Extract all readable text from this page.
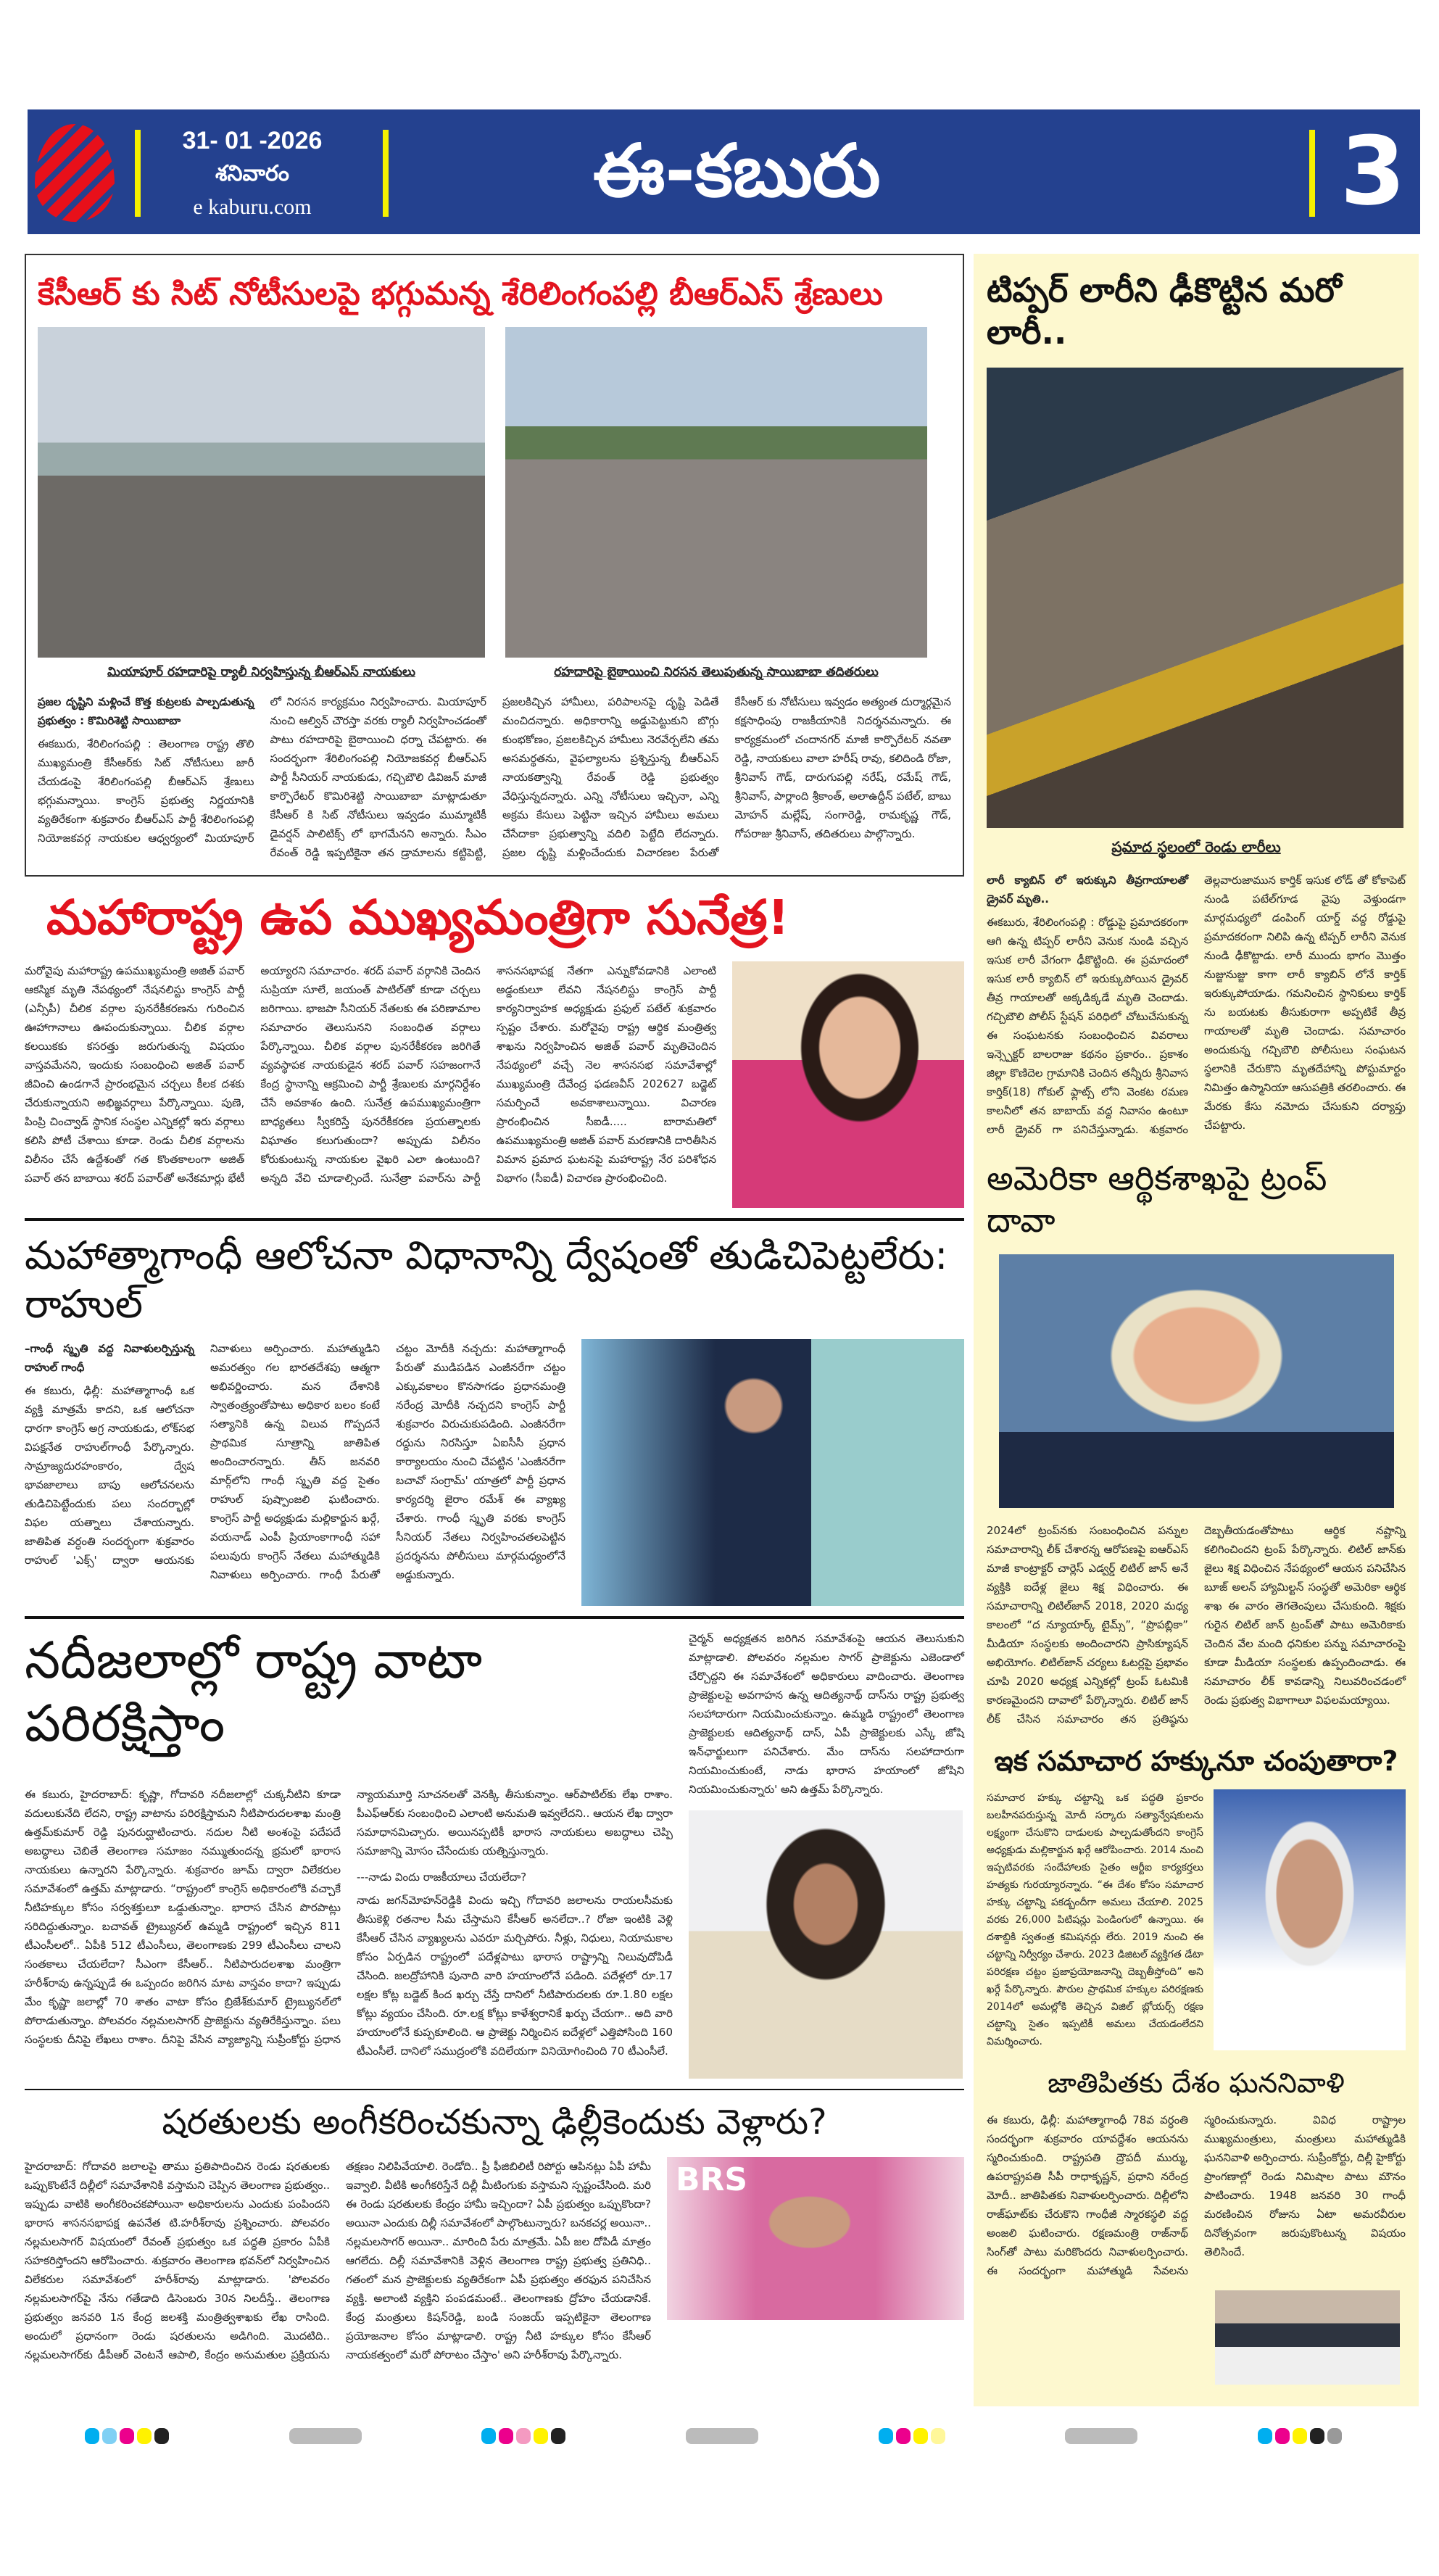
31- 01 -2026
శనివారం
e kaburu.com	ఈ-కబురు	3
కేసీఆర్ కు సిట్ నోటీసులపై భగ్గుమన్న శేరిలింగంపల్లి బీఆర్ఎస్ శ్రేణులు
మియాపూర్ రహదారిపై ర్యాలీ నిర్వహిస్తున్న బీఆర్ఎస్ నాయకులు	రహదారిపై బైఠాయించి నిరసన తెలుపుతున్న సాయిబాబా తదితరులు
ప్రజల దృష్టిని మళ్లించే కొత్త కుట్రలకు పాల్పడుతున్న ప్రభుత్వం : కొమిరిశెట్టి సాయిబాబా
ఈకబురు, శేరిలింగంపల్లి : తెలంగాణ రాష్ట్ర తొలి ముఖ్యమంత్రి కేసీఆర్‌కు సిట్ నోటీసులు జారీ చేయడంపై శేరిలింగంపల్లి బీఆర్ఎస్ శ్రేణులు భగ్గుమన్నాయి. కాంగ్రెస్ ప్రభుత్వ నిర్ణయానికి వ్యతిరేకంగా శుక్రవారం బీఆర్ఎస్ పార్టీ శేరిలింగంపల్లి నియోజకవర్గ నాయకుల ఆధ్వర్యంలో మియాపూర్ లో నిరసన కార్యక్రమం నిర్వహించారు. మియాపూర్ నుంచి ఆల్విన్ చౌరస్తా వరకు ర్యాలీ నిర్వహించడంతో పాటు రహదారిపై బైఠాయించి ధర్నా చేపట్టారు. ఈ సందర్భంగా శేరిలింగంపల్లి నియోజకవర్గ బీఆర్ఎస్ పార్టీ సీనియర్ నాయకుడు, గచ్చిబౌలి డివిజన్ మాజీ కార్పొరేటర్ కొమిరిశెట్టి సాయిబాబా మాట్లాడుతూ కేసీఆర్ కి సిట్ నోటీసులు ఇవ్వడం ముమ్మాటికీ డైవర్షన్ పాలిటిక్స్ లో భాగమేనని అన్నారు. సీఎం రేవంత్ రెడ్డి ఇప్పటికైనా తన డ్రామాలను కట్టిపెట్టి, ప్రజలకిచ్చిన హామీలు, పరిపాలనపై దృష్టి పెడితే మంచిదన్నారు. అధికారాన్ని అడ్డుపెట్టుకుని బొగ్గు కుంభకోణం, ప్రజలకిచ్చిన హామీలు నెరవేర్చలేని తమ అసమర్థతను, వైఫల్యాలను ప్రశ్నిస్తున్న బీఆర్ఎస్ నాయకత్వాన్ని రేవంత్ రెడ్డి ప్రభుత్వం వేధిస్తున్నదన్నారు. ఎన్ని నోటీసులు ఇచ్చినా, ఎన్ని అక్రమ కేసులు పెట్టినా ఇచ్చిన హామీలు అమలు చేసేదాకా ప్రభుత్వాన్ని వదిలి పెట్టేది లేదన్నారు. ప్రజల దృష్టి మళ్లించేందుకు విచారణల పేరుతో కేసీఆర్ కు నోటీసులు ఇవ్వడం అత్యంత దుర్మార్గమైన కక్షసాధింపు రాజకీయానికి నిదర్శనమన్నారు. ఈ కార్యక్రమంలో చందానగర్ మాజీ కార్పొరేటర్ నవతా రెడ్డి, నాయకులు వాలా హరీష్ రావు, కలిదిండి రోజా, శ్రీనివాస్ గౌడ్, దారుగుపల్లి నరేష్, రమేష్ గౌడ్, శ్రీనివాస్, పార్లాంది శ్రీకాంత్, అలాఉద్దీన్ పటేల్, బాబు మోహన్ మల్లేష్, సంగారెడ్డి, రామకృష్ణ గౌడ్, గోపరాజు శ్రీనివాస్, తదితరులు పాల్గొన్నారు.
మహారాష్ట్ర ఉప ముఖ్యమంత్రిగా సునేత్ర!
మరోవైపు మహారాష్ట్ర ఉపముఖ్యమంత్రి అజిత్ పవార్ ఆకస్మిక మృతి నేపథ్యంలో నేషనలిస్టు కాంగ్రెస్ పార్టీ (ఎన్సీపీ) చీలిక వర్గాల పునరేకీకరణను గురించిన ఊహాగానాలు ఊపందుకున్నాయి. చీలిక వర్గాల కలయికకు కసరత్తు జరుగుతున్న విషయం వాస్తవమేనని, ఇందుకు సంబంధించి అజిత్ పవార్ జీవించి ఉండగానే ప్రారంభమైన చర్చలు కీలక దశకు చేరుకున్నాయని అభిజ్ఞవర్గాలు పేర్కొన్నాయి. పుణె, పింప్రి చించ్వాడ్ స్థానిక సంస్థల ఎన్నికల్లో ఇరు వర్గాలు కలిసి పోటీ చేశాయి కూడా. రెండు చీలిక వర్గాలను విలీనం చేసే ఉద్దేశంతో గత కొంతకాలంగా అజిత్ పవార్ తన బాబాయి శరద్ పవార్‌తో అనేకమార్లు భేటీ అయ్యారని సమాచారం. శరద్ పవార్ వర్గానికి చెందిన సుప్రియా సూలే, జయంత్ పాటిల్‌తో కూడా చర్చలు జరిగాయి. భాజపా సీనియర్ నేతలకు ఈ పరిణామాల సమాచారం తెలుసునని సంబంధిత వర్గాలు పేర్కొన్నాయి. చీలిక వర్గాల పునరేకీకరణ జరిగితే వ్యవస్థాపక నాయకుడైన శరద్ పవార్ సహజంగానే కేంద్ర స్థానాన్ని ఆక్రమించి పార్టీ శ్రేణులకు మార్గనిర్దేశం చేసే అవకాశం ఉంది. సునేత్ర ఉపముఖ్యమంత్రిగా బాధ్యతలు స్వీకరిస్తే పునరేకీకరణ ప్రయత్నాలకు విఘాతం కలుగుతుందా? అప్పుడు విలీనం కోరుకుంటున్న నాయకుల వైఖరి ఎలా ఉంటుంది? అన్నది వేచి చూడాల్సిందే. సునేత్రా పవార్‌ను పార్టీ శాసనసభాపక్ష నేతగా ఎన్నుకోవడానికి ఎలాంటి అడ్డంకులూ లేవని నేషనలిస్టు కాంగ్రెస్ పార్టీ కార్యనిర్వాహక అధ్యక్షుడు ప్రఫుల్ పటేల్ శుక్రవారం స్పష్టం చేశారు. మరోవైపు రాష్ట్ర ఆర్థిక మంత్రిత్వ శాఖను నిర్వహించిన అజిత్ పవార్ మృతిచెందిన నేపథ్యంలో వచ్చే నెల శాసనసభ సమావేశాల్లో ముఖ్యమంత్రి దేవేంద్ర ఫడణవీస్ 202627 బడ్జెట్ సమర్పించే అవకాశాలున్నాయి. విచారణ ప్రారంభించిన సీఐడీ..... బారామతిలో ఉపముఖ్యమంత్రి అజిత్ పవార్ మరణానికి దారితీసిన విమాన ప్రమాద ఘటనపై మహారాష్ట్ర నేర పరిశోధన విభాగం (సీఐడీ) విచారణ ప్రారంభించింది.
మహాత్మాగాంధీ ఆలోచనా విధానాన్ని ద్వేషంతో తుడిచిపెట్టలేరు: రాహుల్
–గాంధీ స్మృతి వద్ద నివాళులర్పిస్తున్న రాహుల్ గాంధీ
ఈ కబురు, ఢిల్లీ: మహాత్మాగాంధీ ఒక వ్యక్తి మాత్రమే కాదని, ఒక ఆలోచనా ధారగా కాంగ్రెస్ అగ్ర నాయకుడు, లోక్‌సభ విపక్షనేత రాహుల్‌గాంధీ పేర్కొన్నారు. సామ్రాజ్యదురహంకారం, ద్వేష భావజాలాలు బాపు ఆలోచనలను తుడిచిపెట్టేందుకు పలు సందర్భాల్లో విఫల యత్నాలు చేశాయన్నారు. జాతిపిత వర్ధంతి సందర్భంగా శుక్రవారం రాహుల్ 'ఎక్స్' ద్వారా ఆయనకు నివాళులు అర్పించారు. మహాత్ముడిని అమరత్వం గల భారతదేశపు ఆత్మగా అభివర్ణించారు. మన దేశానికి స్వాతంత్ర్యంతోపాటు అధికార బలం కంటే సత్యానికి ఉన్న విలువ గొప్పదనే ప్రాథమిక సూత్రాన్ని జాతిపిత అందించారన్నారు. తీస్ జనవరి మార్గ్‌లోని గాంధీ స్మృతి వద్ద సైతం రాహుల్ పుష్పాంజలి ఘటించారు. కాంగ్రెస్ పార్టీ అధ్యక్షుడు మల్లికార్జున ఖర్గే, వయనాడ్ ఎంపీ ప్రియాంకాగాంధీ సహా పలువురు కాంగ్రెస్ నేతలు మహాత్ముడికి నివాళులు అర్పించారు. గాంధీ పేరుతో చట్టం మోదీకి నచ్చదు: మహాత్మాగాంధీ పేరుతో ముడిపడిన ఎంజీనరేగా చట్టం ఎక్కువకాలం కొనసాగడం ప్రధానమంత్రి నరేంద్ర మోదీకి నచ్చదని కాంగ్రెస్ పార్టీ శుక్రవారం విరుచుకుపడింది. ఎంజీనరేగా రద్దును నిరసిస్తూ ఏఐసీసీ ప్రధాన కార్యాలయం నుంచి చేపట్టిన 'ఎంజీనరేగా బచావో సంగ్రామ్' యాత్రలో పార్టీ ప్రధాన కార్యదర్శి జైరాం రమేశ్ ఈ వ్యాఖ్య చేశారు. గాంధీ స్మృతి వరకు కాంగ్రెస్ సీనియర్ నేతలు నిర్వహించతలపెట్టిన ప్రదర్శనను పోలీసులు మార్గమధ్యంలోనే అడ్డుకున్నారు.
నదీజలాల్లో రాష్ట్ర వాటా పరిరక్షిస్తాం
ఈ కబురు, హైదరాబాద్: కృష్ణా, గోదావరి నదీజలాల్లో చుక్కనీటిని కూడా వదులుకునేది లేదని, రాష్ట్ర వాటాను పరిరక్షిస్తామని నీటిపారుదలశాఖ మంత్రి ఉత్తమ్‌కుమార్ రెడ్డి పునరుద్ఘాటించారు. నదుల నీటి అంశంపై పదేపదే అబద్ధాలు చెబితే తెలంగాణ సమాజం నమ్ముతుందన్న భ్రమలో భారాస నాయకులు ఉన్నారని పేర్కొన్నారు. శుక్రవారం జూమ్ ద్వారా విలేకరుల సమావేశంలో ఉత్తమ్ మాట్లాడారు. “రాష్ట్రంలో కాంగ్రెస్ అధికారంలోకి వచ్చాకే నీటిహక్కుల కోసం సర్వశక్తులూ ఒడ్డుతున్నాం. భారాస చేసిన పొరపాట్లు సరిదిద్దుతున్నాం. బచావత్ ట్రైబ్యునల్ ఉమ్మడి రాష్ట్రంలో ఇచ్చిన 811 టీఎంసీలలో.. ఏపీకి 512 టీఎంసీలు, తెలంగాణకు 299 టీఎంసీలు చాలని సంతకాలు చేయలేదా? సీఎంగా కేసీఆర్.. నీటిపారుదలశాఖ మంత్రిగా హరీశ్‌రావు ఉన్నప్పుడే ఈ ఒప్పందం జరిగిన మాట వాస్తవం కాదా? ఇప్పుడు మేం కృష్ణా జలాల్లో 70 శాతం వాటా కోసం బ్రిజేశ్‌కుమార్ ట్రైబ్యునల్‌లో పోరాడుతున్నాం. పోలవరం నల్లమలసాగర్ ప్రాజెక్టును వ్యతిరేకిస్తున్నాం. పలు సంస్థలకు దీనిపై లేఖలు రాశాం. దీనిపై వేసిన వ్యాజ్యాన్ని సుప్రీంకోర్టు ప్రధాన న్యాయమూర్తి సూచనలతో వెనక్కి తీసుకున్నాం. ఆర్‌పాటిల్‌కు లేఖ రాశాం. పీఎఫ్ఆర్‌కు సంబంధించి ఎలాంటి అనుమతి ఇవ్వలేదని.. ఆయన లేఖ ద్వారా సమాధానమిచ్చారు. అయినప్పటికీ భారాస నాయకులు అబద్ధాలు చెప్పి సమాజాన్ని మోసం చేసేందుకు యత్నిస్తున్నారు.
---నాడు విందు రాజకీయాలు చేయలేదా?
నాడు జగన్‌మోహన్‌రెడ్డికి విందు ఇచ్చి గోదావరి జలాలను రాయలసీమకు తీసుకెళ్లి రతనాల సీమ చేస్తామని కేసీఆర్ అనలేదా..? రోజా ఇంటికి వెళ్లి కేసీఆర్ చేసిన వ్యాఖ్యలను ఎవరూ మర్చిపోరు. నీళ్లు, నిధులు, నియామకాల కోసం ఏర్పడిన రాష్ట్రంలో పదేళ్లపాటు భారాస రాష్ట్రాన్ని నిలువుదోపిడీ చేసింది. జలద్రోహానికి పునాది వారి హయాంలోనే పడింది. పదేళ్లలో రూ.17 లక్షల కోట్ల బడ్జెట్ కింద ఖర్చు చేస్తే దానిలో నీటిపారుదలకు రూ.1.80 లక్షల కోట్లు వ్యయం చేసింది. రూ.లక్ష కోట్లు కాళేశ్వరానికే ఖర్చు చేయగా.. అది వారి హయాంలోనే కుప్పకూలింది. ఆ ప్రాజెక్టు నిర్మించిన ఐదేళ్లలో ఎత్తిపోసింది 160 టీఎంసీలే. దానిలో సముద్రంలోకి వదిలేయగా వినియోగించింది 70 టీఎంసీలే.
చైర్మన్ అధ్యక్షతన జరిగిన సమావేశంపై ఆయన తెలుసుకుని మాట్లాడాలి. పోలవరం నల్లమల సాగర్ ప్రాజెక్టును ఎజెండాలో చేర్చొద్దని ఈ సమావేశంలో అధికారులు వాదించారు. తెలంగాణ ప్రాజెక్టులపై అవగాహన ఉన్న ఆదిత్యనాథ్ దాస్‌ను రాష్ట్ర ప్రభుత్వ సలహాదారుగా నియమించుకున్నాం. ఉమ్మడి రాష్ట్రంలో తెలంగాణ ప్రాజెక్టులకు ఆదిత్యనాథ్ దాస్, ఏపీ ప్రాజెక్టులకు ఎస్కే జోషి ఇన్‌ఛార్జులుగా పనిచేశారు. మేం దాస్‌ను సలహాదారుగా నియమించుకుంటే, నాడు భారాస హయాంలో జోషిని నియమించుకున్నారు' అని ఉత్తమ్ పేర్కొన్నారు.
షరతులకు అంగీకరించకున్నా ఢిల్లీకెందుకు వెళ్లారు?
హైదరాబాద్: గోదావరి జలాలపై తాము ప్రతిపాదించిన రెండు షరతులకు ఒప్పుకొంటేనే దిల్లీలో సమావేశానికి వస్తామని చెప్పిన తెలంగాణ ప్రభుత్వం.. ఇప్పుడు వాటికి అంగీకరించకపోయినా అధికారులను ఎందుకు పంపిందని భారాస శాసనసభాపక్ష ఉపనేత టి.హరీశ్‌రావు ప్రశ్నించారు. పోలవరం నల్లమలసాగర్ విషయంలో రేవంత్ ప్రభుత్వం ఒక పద్ధతి ప్రకారం ఏపీకి సహకరిస్తోందని ఆరోపించారు. శుక్రవారం తెలంగాణ భవన్‌లో నిర్వహించిన విలేకరుల సమావేశంలో హరీశ్‌రావు మాట్లాడారు. 'పోలవరం నల్లమలసాగర్‌పై నేను గతేడాది డిసెంబరు 30న నిలదీస్తే.. తెలంగాణ ప్రభుత్వం జనవరి 1న కేంద్ర జలశక్తి మంత్రిత్వశాఖకు లేఖ రాసింది. అందులో ప్రధానంగా రెండు షరతులను అడిగింది. మొదటిది.. నల్లమలసాగర్‌కు డీపీఆర్ వెంటనే ఆపాలి, కేంద్రం అనుమతుల ప్రక్రియను తక్షణం నిలిపివేయాలి. రెండోది.. ప్రీ ఫీజిబిలిటీ రిపోర్టు ఆపినట్లు ఏపీ హామీ ఇవ్వాలి. వీటికి అంగీకరిస్తేనే దిల్లీ మీటింగుకు వస్తామని స్పష్టంచేసింది. మరి ఈ రెండు షరతులకు కేంద్రం హామీ ఇచ్చిందా? ఏపీ ప్రభుత్వం ఒప్పుకొందా? అయినా ఎందుకు దిల్లీ సమావేశంలో పాల్గొంటున్నారు? బనకచర్ల అయినా.. నల్లమలసాగర్ అయినా.. మారింది పేరు మాత్రమే. ఏపీ జల దోపిడీ మాత్రం ఆగలేదు. దిల్లీ సమావేశానికి వెళ్లిన తెలంగాణ రాష్ట్ర ప్రభుత్వ ప్రతినిధి.. గతంలో మన ప్రాజెక్టులకు వ్యతిరేకంగా ఏపీ ప్రభుత్వం తరఫున పనిచేసిన వ్యక్తి. అలాంటి వ్యక్తిని పంపడమంటే.. తెలంగాణకు ద్రోహం చేయడానికే. కేంద్ర మంత్రులు కిషన్‌రెడ్డి, బండి సంజయ్ ఇప్పటికైనా తెలంగాణ ప్రయోజనాల కోసం మాట్లాడాలి. రాష్ట్ర నీటి హక్కుల కోసం కేసీఆర్ నాయకత్వంలో మరో పోరాటం చేస్తాం' అని హరీశ్‌రావు పేర్కొన్నారు.
BRS
టిప్పర్ లారీని ఢీకొట్టిన మరో లారీ..
ప్రమాద స్థలంలో రెండు లారీలు
లారీ క్యాబిన్ లో ఇరుక్కుని తీవ్రగాయాలతో డ్రైవర్ మృతి..
ఈకబురు, శేరిలింగంపల్లి : రోడ్డుపై ప్రమాదకరంగా ఆగి ఉన్న టిప్పర్ లారీని వెనుక నుండి వచ్చిన ఇసుక లారీ వేగంగా ఢీకొట్టింది. ఈ ప్రమాదంలో ఇసుక లారీ క్యాబిన్ లో ఇరుక్కుపోయిన డ్రైవర్ తీవ్ర గాయాలతో అక్కడిక్కడే మృతి చెందాడు. గచ్చిబౌలి పోలీస్ స్టేషన్ పరిధిలో చోటుచేసుకున్న ఈ సంఘటనకు సంబంధించిన వివరాలు ఇన్స్పెక్టర్ బాలరాజు కథనం ప్రకారం.. ప్రకాశం జిల్లా కొణిదెల గ్రామానికి చెందిన తన్నీరు శ్రీనివాస కార్తిక్(18) గోకుల్ ఫ్లాట్స్ లోని వెంకట రమణ కాలనీలో తన బాబాయ్ వద్ద నివాసం ఉంటూ లారీ డ్రైవర్ గా పనిచేస్తున్నాడు. శుక్రవారం తెల్లవారుజామున కార్తిక్ ఇసుక లోడ్ తో కోకాపెట్ నుండి పటేల్‌గూడ వైపు వెళ్తుండగా మార్గమధ్యలో డంపింగ్ యార్డ్ వద్ద రోడ్డుపై ప్రమాదకరంగా నిలిపి ఉన్న టిప్పర్ లారీని వెనుక నుండి ఢీకొట్టాడు. లారీ ముందు భాగం మొత్తం నుజ్జునుజ్జు కాగా లారీ క్యాబిన్ లోనే కార్తిక్ ఇరుక్కుపోయాడు. గమనించిన స్థానికులు కార్తిక్ ను బయటకు తీసుకురాగా అప్పటికే తీవ్ర గాయాలతో మృతి చెందాడు. సమాచారం అందుకున్న గచ్చిబౌలి పోలీసులు సంఘటన స్థలానికి చేరుకొని మృతదేహాన్ని పోస్టుమార్టం నిమిత్తం ఉస్మానియా ఆసుపత్రికి తరలించారు. ఈ మేరకు కేసు నమోదు చేసుకుని దర్యాప్తు చేపట్టారు.
అమెరికా ఆర్థికశాఖపై ట్రంప్ దావా
2024లో ట్రంప్‌నకు సంబంధించిన పన్నుల సమాచారాన్ని లీక్ చేశారన్న ఆరోపణపై ఐఆర్ఎస్ మాజీ కాంట్రాక్టర్ చార్లెస్ ఎడ్వర్డ్ లిటిల్ జాన్ అనే వ్యక్తికి ఐదేళ్ల జైలు శిక్ష విధించారు. ఈ సమాచారాన్ని లిటిల్‌జాన్ 2018, 2020 మధ్య కాలంలో “ద న్యూయార్క్ టైమ్స్”, “ప్రొపబ్లికా” మీడియా సంస్థలకు అందించారని ప్రాసిక్యూషన్ అభియోగం. లిటిల్‌జాన్ చర్యలు ఓటర్లపై ప్రభావం చూపి 2020 అధ్యక్ష ఎన్నికల్లో ట్రంప్ ఓటమికి కారణమైందని దావాలో పేర్కొన్నారు. లిటిల్ జాన్ లీక్ చేసిన సమాచారం తన ప్రతిష్ఠను దెబ్బతీయడంతోపాటు ఆర్థిక నష్టాన్ని కలిగించిందని ట్రంప్ పేర్కొన్నారు. లిటిల్ జాన్‌కు జైలు శిక్ష విధించిన నేపథ్యంలో ఆయన పనిచేసిన బూజ్ అలన్ హ్యామిల్టన్ సంస్థతో అమెరికా ఆర్థిక శాఖ ఈ వారం తెగతెంపులు చేసుకుంది. శిక్షకు గురైన లిటిల్ జాన్ ట్రంప్‌తో పాటు అమెరికాకు చెందిన వేల మంది ధనికుల పన్ను సమాచారంపై కూడా మీడియా సంస్థలకు ఉప్పందించాడు. ఈ సమాచారం లీక్ కావడాన్ని నిలువరించడంలో రెండు ప్రభుత్వ విభాగాలూ విఫలమయ్యాయి.
ఇక సమాచార హక్కునూ చంపుతారా?
సమాచార హక్కు చట్టాన్ని ఒక పద్ధతి ప్రకారం బలహీనపరుస్తున్న మోదీ సర్కారు సత్యాన్వేషకులను లక్ష్యంగా చేసుకొని దాడులకు పాల్పడుతోందని కాంగ్రెస్ అధ్యక్షుడు మల్లికార్జున ఖర్గే ఆరోపించారు. 2014 నుంచి ఇప్పటివరకు సందేహాలకు సైతం ఆర్టీఐ కార్యకర్తలు హత్యకు గురయ్యారన్నారు. “ఈ దేశం కోసం సమాచార హక్కు చట్టాన్ని పకడ్బందీగా అమలు చేయాలి. 2025 వరకు 26,000 పిటిషన్లు పెండింగులో ఉన్నాయి. ఈ దశాబ్దికి స్వతంత్ర కమిషనర్లు లేరు. 2019 నుంచి ఈ చట్టాన్ని నిర్వీర్యం చేశారు. 2023 డిజిటల్ వ్యక్తిగత డేటా పరిరక్షణ చట్టం ప్రజాప్రయోజనాన్ని దెబ్బతీస్తోంది” అని ఖర్గే పేర్కొన్నారు. పౌరుల ప్రాథమిక హక్కుల పరిరక్షణకు 2014లో అమల్లోకి తెచ్చిన విజిల్ బ్లోయర్స్ రక్షణ చట్టాన్ని సైతం ఇప్పటికీ అమలు చేయడంలేదని విమర్శించారు.
జాతిపితకు దేశం ఘననివాళి
ఈ కబురు, ఢిల్లీ: మహాత్మాగాంధీ 78వ వర్ధంతి సందర్భంగా శుక్రవారం యావద్దేశం ఆయనను స్మరించుకుంది. రాష్ట్రపతి ద్రౌపదీ ముర్ము, ఉపరాష్ట్రపతి సీపీ రాధాకృష్ణన్, ప్రధాని నరేంద్ర మోదీ.. జాతిపితకు నివాళులర్పించారు. దిల్లీలోని రాజ్‌ఘాట్‌కు చేరుకొని గాంధీజీ స్మారకస్థలి వద్ద అంజలి ఘటించారు. రక్షణమంత్రి రాజ్‌నాథ్ సింగ్‌తో పాటు మరికొందరు నివాళులర్పించారు. ఈ సందర్భంగా మహాత్ముడి సేవలను స్మరించుకున్నారు. వివిధ రాష్ట్రాల ముఖ్యమంత్రులు, మంత్రులు మహాత్ముడికి ఘననివాళి అర్పించారు. సుప్రీంకోర్టు, దిల్లీ హైకోర్టు ప్రాంగణాల్లో రెండు నిమిషాల పాటు మౌనం పాటించారు. 1948 జనవరి 30 గాంధీ మరణించిన రోజును ఏటా అమరవీరుల దినోత్సవంగా జరుపుకొంటున్న విషయం తెలిసిందే.
